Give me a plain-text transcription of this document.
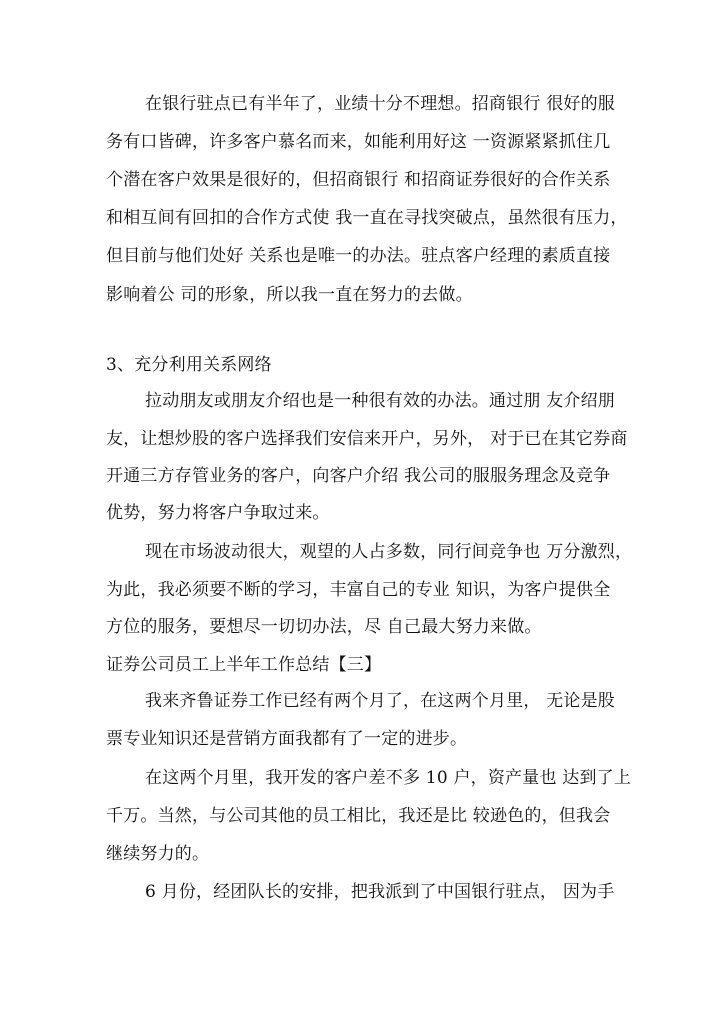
在银行驻点已有半年了，业绩十分不理想。招商银行 很好的服
务有口皆碑，许多客户慕名而来，如能利用好这 一资源紧紧抓住几
个潜在客户效果是很好的，但招商银行 和招商证券很好的合作关系
和相互间有回扣的合作方式使 我一直在寻找突破点，虽然很有压力，
但目前与他们处好 关系也是唯一的办法。驻点客户经理的素质直接
影响着公 司的形象，所以我一直在努力的去做。
3、充分利用关系网络
拉动朋友或朋友介绍也是一种很有效的办法。通过朋 友介绍朋
友，让想炒股的客户选择我们安信来开户，另外， 对于已在其它券商
开通三方存管业务的客户，向客户介绍 我公司的服服务理念及竞争
优势，努力将客户争取过来。
现在市场波动很大，观望的人占多数，同行间竞争也 万分激烈，
为此，我必须要不断的学习，丰富自己的专业 知识，为客户提供全
方位的服务，要想尽一切切办法，尽 自己最大努力来做。
证券公司员工上半年工作总结【三】
我来齐鲁证券工作已经有两个月了，在这两个月里， 无论是股
票专业知识还是营销方面我都有了一定的进步。
在这两个月里，我开发的客户差不多 10 户，资产量也 达到了上
千万。当然，与公司其他的员工相比，我还是比 较逊色的，但我会
继续努力的。
6 月份，经团队长的安排，把我派到了中国银行驻点， 因为手
